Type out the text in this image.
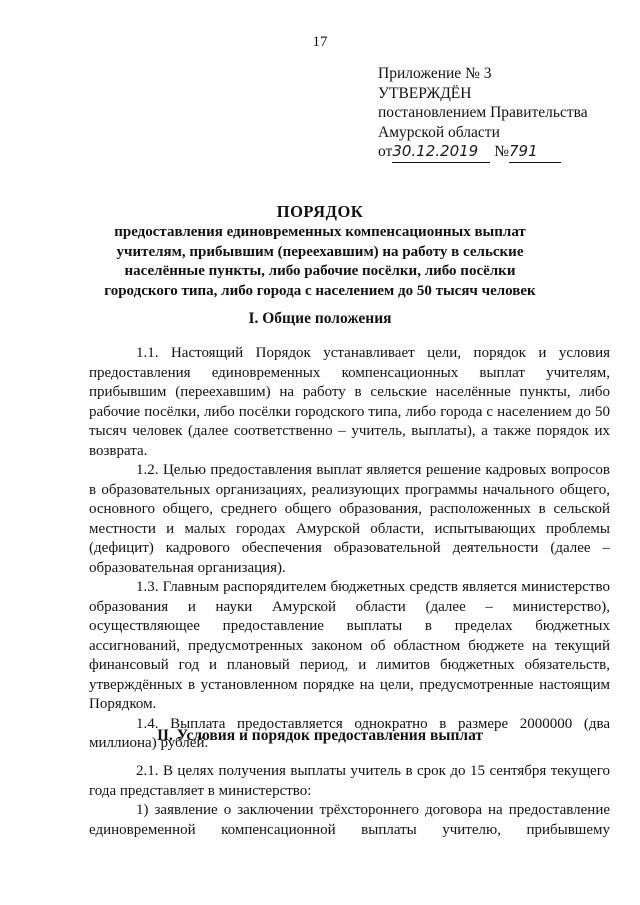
17
Приложение № 3
УТВЕРЖДЁН
постановлением Правительства
Амурской области
от30.12.2019 №791
ПОРЯДОК
предоставления единовременных компенсационных выплат учителям, прибывшим (переехавшим) на работу в сельские населённые пункты, либо рабочие посёлки, либо посёлки городского типа, либо города с населением до 50 тысяч человек
I. Общие положения

1.1. Настоящий Порядок устанавливает цели, порядок и условия предоставления единовременных компенсационных выплат учителям, прибывшим (переехавшим) на работу в сельские населённые пункты, либо рабочие посёлки, либо посёлки городского типа, либо города с населением до 50 тысяч человек (далее соответственно – учитель, выплаты), а также порядок их возврата.

1.2. Целью предоставления выплат является решение кадровых вопросов в образовательных организациях, реализующих программы начального общего, основного общего, среднего общего образования, расположенных в сельской местности и малых городах Амурской области, испытывающих проблемы (дефицит) кадрового обеспечения образовательной деятельности (далее – образовательная организация).

1.3. Главным распорядителем бюджетных средств является министерство образования и науки Амурской области (далее – министерство), осуществляющее предоставление выплаты в пределах бюджетных ассигнований, предусмотренных законом об областном бюджете на текущий финансовый год и плановый период, и лимитов бюджетных обязательств, утверждённых в установленном порядке на цели, предусмотренные настоящим Порядком.

1.4. Выплата предоставляется однократно в размере 2000000 (два миллиона) рублей.

II. Условия и порядок предоставления выплат

2.1. В целях получения выплаты учитель в срок до 15 сентября текущего года представляет в министерство:

1) заявление о заключении трёхстороннего договора на предоставление единовременной компенсационной выплаты учителю, прибывшему
